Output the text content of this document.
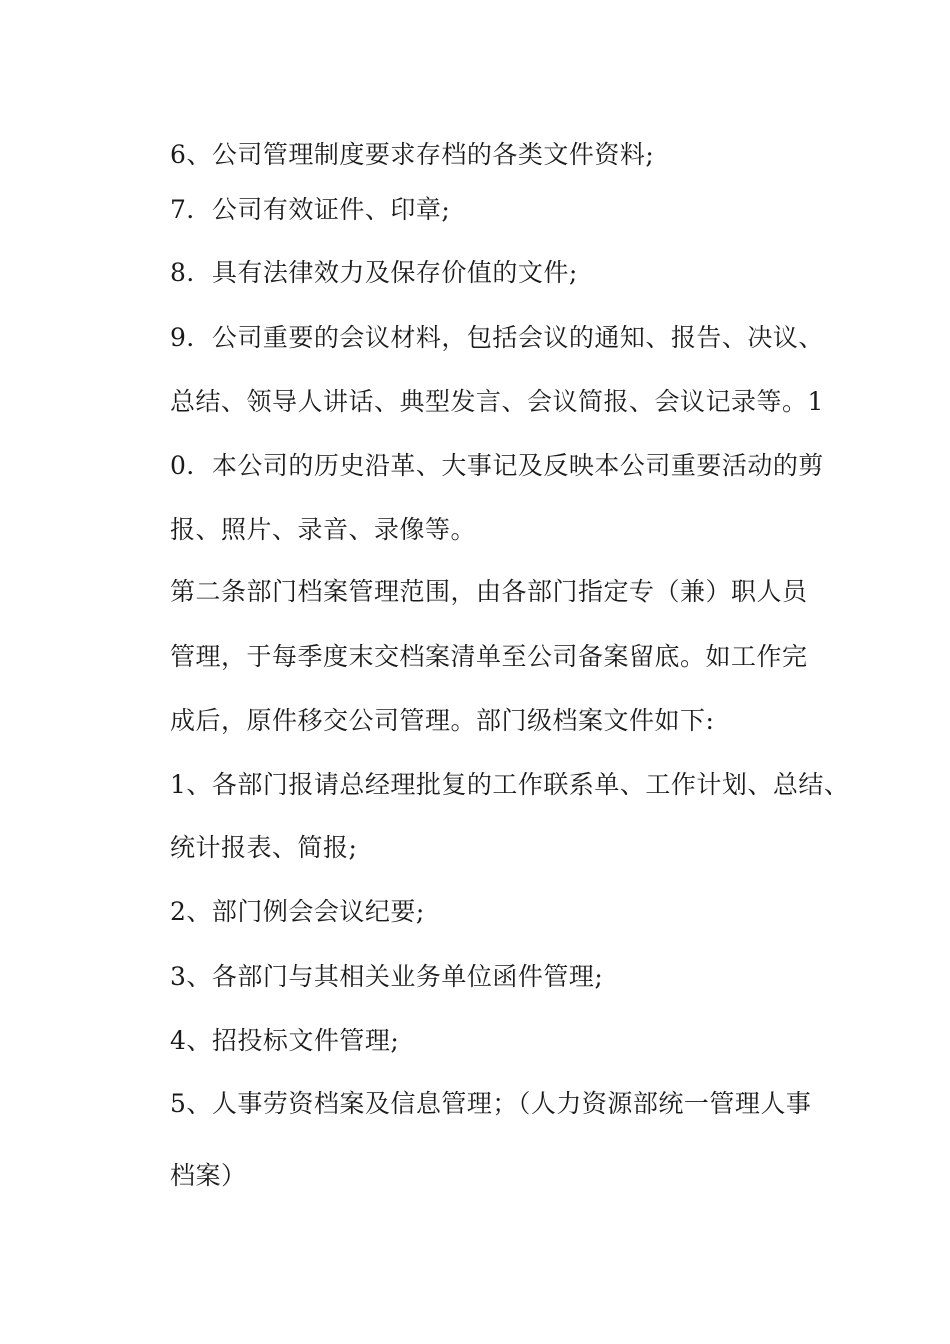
6、公司管理制度要求存档的各类文件资料;
7．公司有效证件、印章;
8．具有法律效力及保存价值的文件;
9．公司重要的会议材料，包括会议的通知、报告、决议、
总结、领导人讲话、典型发言、会议简报、会议记录等。1
0．本公司的历史沿革、大事记及反映本公司重要活动的剪
报、照片、录音、录像等。
第二条部门档案管理范围，由各部门指定专（兼）职人员
管理，于每季度末交档案清单至公司备案留底。如工作完
成后，原件移交公司管理。部门级档案文件如下:
1、各部门报请总经理批复的工作联系单、工作计划、总结、
统计报表、简报;
2、部门例会会议纪要;
3、各部门与其相关业务单位函件管理;
4、招投标文件管理;
5、人事劳资档案及信息管理；（人力资源部统一管理人事
档案）
